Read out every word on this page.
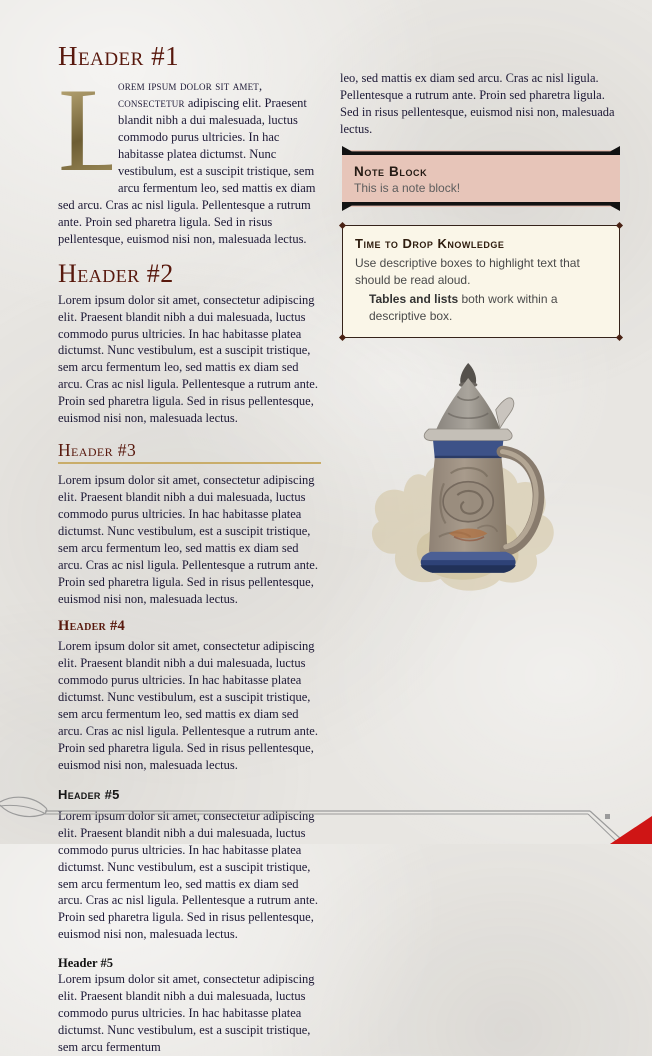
Header #1

L
orem ipsum dolor sit amet, consectetur adipiscing elit. Praesent blandit nibh a dui malesuada, luctus commodo purus ultricies. In hac habitasse platea dictumst. Nunc vestibulum, est a suscipit tristique, sem arcu fermentum leo, sed mattis ex diam sed arcu. Cras ac nisl ligula. Pellentesque a rutrum ante. Proin sed pharetra ligula. Sed in risus pellentesque, euismod nisi non, malesuada lectus.

Header #2

Lorem ipsum dolor sit amet, consectetur adipiscing elit. Praesent blandit nibh a dui malesuada, luctus commodo purus ultricies. In hac habitasse platea dictumst. Nunc vestibulum, est a suscipit tristique, sem arcu fermentum leo, sed mattis ex diam sed arcu. Cras ac nisl ligula. Pellentesque a rutrum ante. Proin sed pharetra ligula. Sed in risus pellentesque, euismod nisi non, malesuada lectus.

Header #3

Lorem ipsum dolor sit amet, consectetur adipiscing elit. Praesent blandit nibh a dui malesuada, luctus commodo purus ultricies. In hac habitasse platea dictumst. Nunc vestibulum, est a suscipit tristique, sem arcu fermentum leo, sed mattis ex diam sed arcu. Cras ac nisl ligula. Pellentesque a rutrum ante. Proin sed pharetra ligula. Sed in risus pellentesque, euismod nisi non, malesuada lectus.

Header #4

Lorem ipsum dolor sit amet, consectetur adipiscing elit. Praesent blandit nibh a dui malesuada, luctus commodo purus ultricies. In hac habitasse platea dictumst. Nunc vestibulum, est a suscipit tristique, sem arcu fermentum leo, sed mattis ex diam sed arcu. Cras ac nisl ligula. Pellentesque a rutrum ante. Proin sed pharetra ligula. Sed in risus pellentesque, euismod nisi non, malesuada lectus.

Header #5

Lorem ipsum dolor sit amet, consectetur adipiscing elit. Praesent blandit nibh a dui malesuada, luctus commodo purus ultricies. In hac habitasse platea dictumst. Nunc vestibulum, est a suscipit tristique, sem arcu fermentum leo, sed mattis ex diam sed arcu. Cras ac nisl ligula. Pellentesque a rutrum ante. Proin sed pharetra ligula. Sed in risus pellentesque, euismod nisi non, malesuada lectus.

Header #5

Lorem ipsum dolor sit amet, consectetur adipiscing elit. Praesent blandit nibh a dui malesuada, luctus commodo purus ultricies. In hac habitasse platea dictumst. Nunc vestibulum, est a suscipit tristique, sem arcu fermentum

leo, sed mattis ex diam sed arcu. Cras ac nisl ligula. Pellentesque a rutrum ante. Proin sed pharetra ligula. Sed in risus pellentesque, euismod nisi non, malesuada lectus.

Note Block
This is a note block!
Time to Drop Knowledge
Use descriptive boxes to highlight text that should be read aloud.
Tables and lists both work within a descriptive box.
